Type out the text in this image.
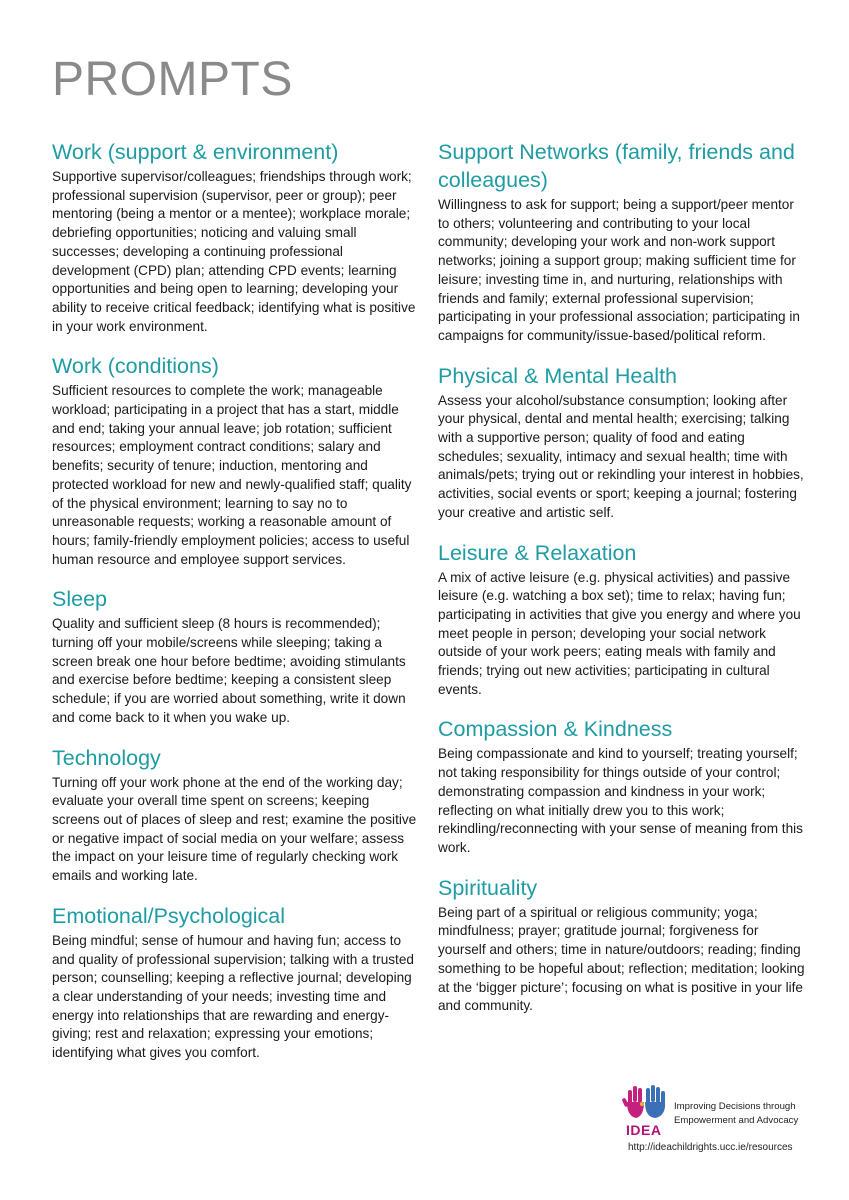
PROMPTS
Work (support & environment)

Supportive supervisor/colleagues; friendships through work; professional supervision (supervisor, peer or group); peer mentoring (being a mentor or a mentee); workplace morale; debriefing opportunities; noticing and valuing small successes; developing a continuing professional development (CPD) plan; attending CPD events; learning opportunities and being open to learning; developing your ability to receive critical feedback; identifying what is positive in your work environment.

Work (conditions)

Sufficient resources to complete the work; manageable workload; participating in a project that has a start, middle and end; taking your annual leave; job rotation; sufficient resources; employment contract conditions; salary and benefits; security of tenure; induction, mentoring and protected workload for new and newly-qualified staff; quality of the physical environment; learning to say no to unreasonable requests; working a reasonable amount of hours; family-friendly employment policies; access to useful human resource and employee support services.

Sleep

Quality and sufficient sleep (8 hours is recommended); turning off your mobile/screens while sleeping; taking a screen break one hour before bedtime; avoiding stimulants and exercise before bedtime; keeping a consistent sleep schedule; if you are worried about something, write it down and come back to it when you wake up.

Technology

Turning off your work phone at the end of the working day; evaluate your overall time spent on screens; keeping screens out of places of sleep and rest; examine the positive or negative impact of social media on your welfare; assess the impact on your leisure time of regularly checking work emails and working late.

Emotional/Psychological

Being mindful; sense of humour and having fun; access to and quality of professional supervision; talking with a trusted person; counselling; keeping a reflective journal; developing a clear understanding of your needs; investing time and energy into relationships that are rewarding and energy-giving; rest and relaxation; expressing your emotions; identifying what gives you comfort.

Support Networks (family, friends and colleagues)

Willingness to ask for support; being a support/peer mentor to others; volunteering and contributing to your local community; developing your work and non-work support networks; joining a support group; making sufficient time for leisure; investing time in, and nurturing, relationships with friends and family; external professional supervision; participating in your professional association; participating in campaigns for community/issue-based/political reform.

Physical & Mental Health

Assess your alcohol/substance consumption; looking after your physical, dental and mental health; exercising; talking with a supportive person; quality of food and eating schedules; sexuality, intimacy and sexual health; time with animals/pets; trying out or rekindling your interest in hobbies, activities, social events or sport; keeping a journal; fostering your creative and artistic self.

Leisure & Relaxation

A mix of active leisure (e.g. physical activities) and passive leisure (e.g. watching a box set); time to relax; having fun; participating in activities that give you energy and where you meet people in person; developing your social network outside of your work peers; eating meals with family and friends; trying out new activities; participating in cultural events.

Compassion & Kindness

Being compassionate and kind to yourself; treating yourself; not taking responsibility for things outside of your control; demonstrating compassion and kindness in your work; reflecting on what initially drew you to this work; rekindling/reconnecting with your sense of meaning from this work.

Spirituality

Being part of a spiritual or religious community; yoga; mindfulness; prayer; gratitude journal; forgiveness for yourself and others; time in nature/outdoors; reading; finding something to be hopeful about; reflection; meditation; looking at the ‘bigger picture’; focusing on what is positive in your life and community.

IDEA
Improving Decisions through
Empowerment and Advocacy
http://ideachildrights.ucc.ie/resources
